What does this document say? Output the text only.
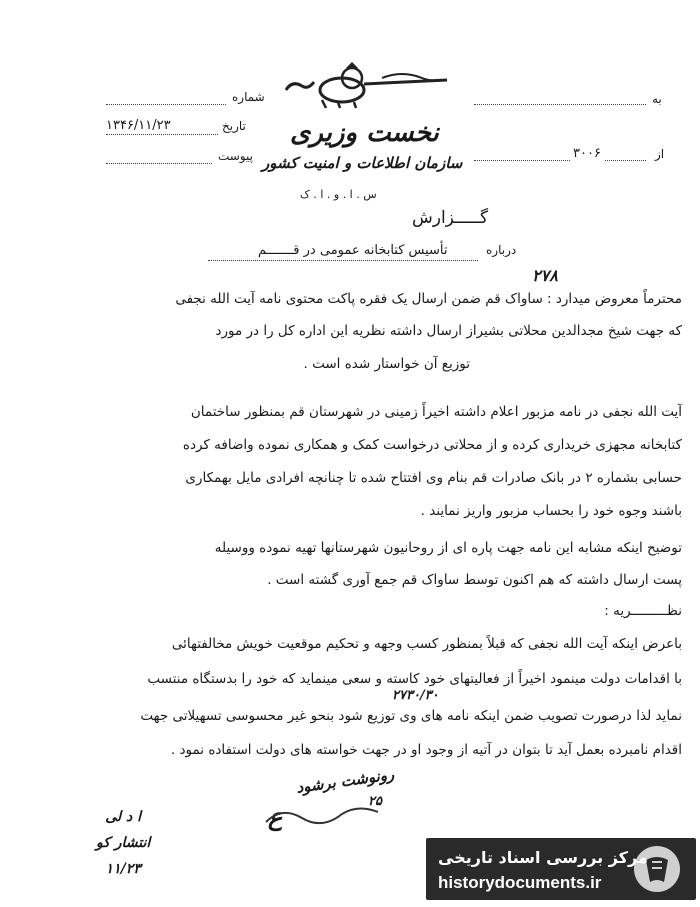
به
از
۳۰۰۶
شماره
تاریخ
۱۳۴۶/۱۱/۲۳
پیوست
نخست وزیری
سازمان اطلاعات و امنیت کشور
س . ا . و . ا . ک
گـــــزارش
درباره
تأسیس کتابخانه عمومی در قـــــــم
۲۷۸
محترماً معروض میدارد : ساواک قم ضمن ارسال یک فقره پاکت محتوی نامه آیت الله نجفی
که جهت شیخ مجدالدین محلاتی بشیراز ارسال داشته نظریه این اداره کل را در مورد
توزیع آن خواستار شده است .
آیت الله نجفی در نامه مزبور اعلام داشته اخیراً زمینی در شهرستان قم بمنظور ساختمان
کتابخانه مجهزی خریداری کرده و از محلاتی درخواست کمک و همکاری نموده واضافه کرده
حسابی بشماره ۲ در بانک صادرات قم بنام وی افتتاح شده تا چنانچه افرادی مایل بهمکاری
باشند وجوه خود را بحساب مزبور واریز نمایند .
توضیح اینکه مشابه این نامه جهت پاره ای از روحانیون شهرستانها تهیه نموده ووسیله
پست ارسال داشته که هم اکنون توسط ساواک قم جمع آوری گشته است .
نظـــــــــریه :
باعرض اینکه آیت الله نجفی که قبلاً بمنظور کسب وجهه و تحکیم موقعیت خویش مخالفتهائی
با اقدامات دولت مینمود اخیراً از فعالیتهای خود کاسته و سعی مینماید که خود را بدستگاه منتسب
۲۷۳۰/۳۰
نماید لذا درصورت تصویب ضمن اینکه نامه های وی توزیع شود بنحو غیر محسوسی تسهیلاتی جهت
اقدام نامبرده بعمل آید تا بتوان در آتیه از وجود او در جهت خواسته های دولت استفاده نمود .
رونوشت برشود
۲۵
ع
ا د لی
انتشار کو
۱۱/۲۳
مرکز بررسی اسناد تاریخی
historydocuments.ir
